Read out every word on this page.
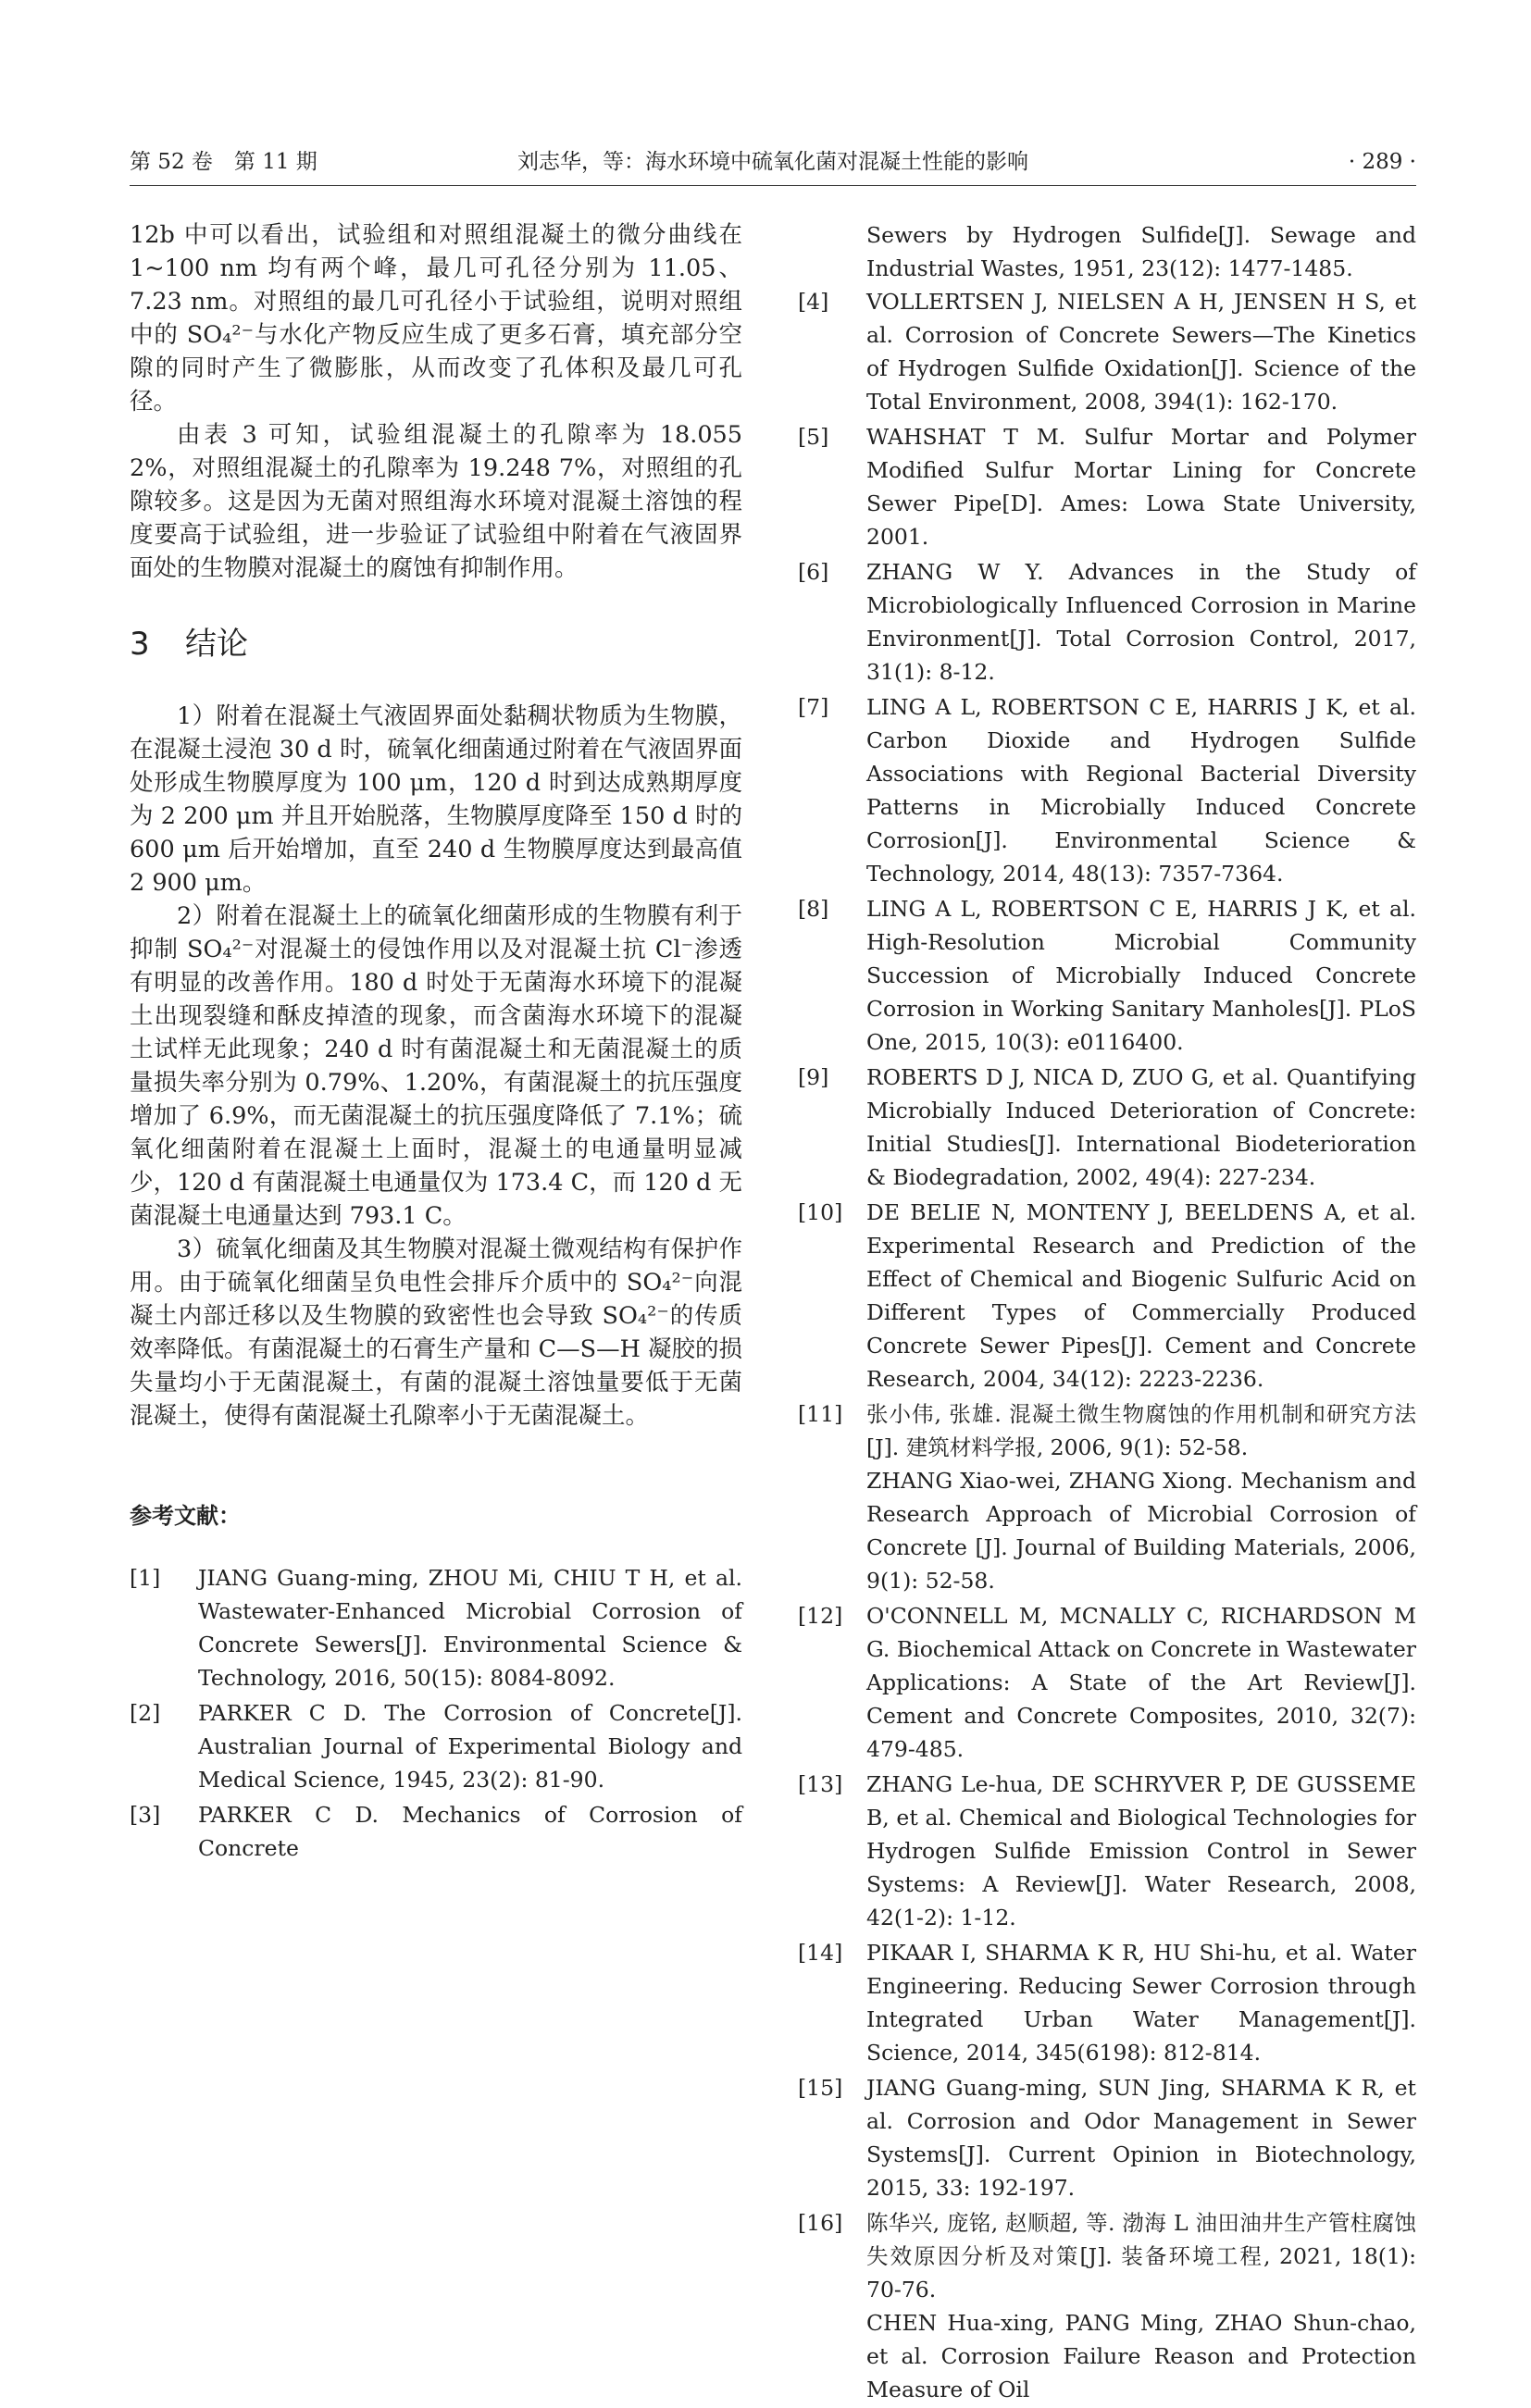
第 52 卷　第 11 期	刘志华，等：海水环境中硫氧化菌对混凝土性能的影响	· 289 ·

12b 中可以看出，试验组和对照组混凝土的微分曲线在 1~100 nm 均有两个峰，最几可孔径分别为 11.05、7.23 nm。对照组的最几可孔径小于试验组，说明对照组中的 SO₄²⁻与水化产物反应生成了更多石膏，填充部分空隙的同时产生了微膨胀，从而改变了孔体积及最几可孔径。

由表 3 可知，试验组混凝土的孔隙率为 18.055 2%，对照组混凝土的孔隙率为 19.248 7%，对照组的孔隙较多。这是因为无菌对照组海水环境对混凝土溶蚀的程度要高于试验组，进一步验证了试验组中附着在气液固界面处的生物膜对混凝土的腐蚀有抑制作用。

3 结论

1）附着在混凝土气液固界面处黏稠状物质为生物膜，在混凝土浸泡 30 d 时，硫氧化细菌通过附着在气液固界面处形成生物膜厚度为 100 μm，120 d 时到达成熟期厚度为 2 200 μm 并且开始脱落，生物膜厚度降至 150 d 时的 600 μm 后开始增加，直至 240 d 生物膜厚度达到最高值 2 900 μm。

2）附着在混凝土上的硫氧化细菌形成的生物膜有利于抑制 SO₄²⁻对混凝土的侵蚀作用以及对混凝土抗 Cl⁻渗透有明显的改善作用。180 d 时处于无菌海水环境下的混凝土出现裂缝和酥皮掉渣的现象，而含菌海水环境下的混凝土试样无此现象；240 d 时有菌混凝土和无菌混凝土的质量损失率分别为 0.79%、1.20%，有菌混凝土的抗压强度增加了 6.9%，而无菌混凝土的抗压强度降低了 7.1%；硫氧化细菌附着在混凝土上面时，混凝土的电通量明显减少，120 d 有菌混凝土电通量仅为 173.4 C，而 120 d 无菌混凝土电通量达到 793.1 C。

3）硫氧化细菌及其生物膜对混凝土微观结构有保护作用。由于硫氧化细菌呈负电性会排斥介质中的 SO₄²⁻向混凝土内部迁移以及生物膜的致密性也会导致 SO₄²⁻的传质效率降低。有菌混凝土的石膏生产量和 C—S—H 凝胶的损失量均小于无菌混凝土，有菌的混凝土溶蚀量要低于无菌混凝土，使得有菌混凝土孔隙率小于无菌混凝土。

参考文献：
[1]	JIANG Guang-ming, ZHOU Mi, CHIU T H, et al. Wastewater-Enhanced Microbial Corrosion of Concrete Sewers[J]. Environmental Science & Technology, 2016, 50(15): 8084-8092.
[2]	PARKER C D. The Corrosion of Concrete[J]. Australian Journal of Experimental Biology and Medical Science, 1945, 23(2): 81-90.
[3]	PARKER C D. Mechanics of Corrosion of Concrete
Sewers by Hydrogen Sulfide[J]. Sewage and Industrial Wastes, 1951, 23(12): 1477-1485.
[4]	VOLLERTSEN J, NIELSEN A H, JENSEN H S, et al. Corrosion of Concrete Sewers—The Kinetics of Hydrogen Sulfide Oxidation[J]. Science of the Total Environment, 2008, 394(1): 162-170.
[5]	WAHSHAT T M. Sulfur Mortar and Polymer Modified Sulfur Mortar Lining for Concrete Sewer Pipe[D]. Ames: Lowa State University, 2001.
[6]	ZHANG W Y. Advances in the Study of Microbiologically Influenced Corrosion in Marine Environment[J]. Total Corrosion Control, 2017, 31(1): 8-12.
[7]	LING A L, ROBERTSON C E, HARRIS J K, et al. Carbon Dioxide and Hydrogen Sulfide Associations with Regional Bacterial Diversity Patterns in Microbially Induced Concrete Corrosion[J]. Environmental Science & Technology, 2014, 48(13): 7357-7364.
[8]	LING A L, ROBERTSON C E, HARRIS J K, et al. High-Resolution Microbial Community Succession of Microbially Induced Concrete Corrosion in Working Sanitary Manholes[J]. PLoS One, 2015, 10(3): e0116400.
[9]	ROBERTS D J, NICA D, ZUO G, et al. Quantifying Microbially Induced Deterioration of Concrete: Initial Studies[J]. International Biodeterioration & Biodegradation, 2002, 49(4): 227-234.
[10]	DE BELIE N, MONTENY J, BEELDENS A, et al. Experimental Research and Prediction of the Effect of Chemical and Biogenic Sulfuric Acid on Different Types of Commercially Produced Concrete Sewer Pipes[J]. Cement and Concrete Research, 2004, 34(12): 2223-2236.
[11]	张小伟, 张雄. 混凝土微生物腐蚀的作用机制和研究方法[J]. 建筑材料学报, 2006, 9(1): 52-58.
ZHANG Xiao-wei, ZHANG Xiong. Mechanism and Research Approach of Microbial Corrosion of Concrete [J]. Journal of Building Materials, 2006, 9(1): 52-58.
[12]	O'CONNELL M, MCNALLY C, RICHARDSON M G. Biochemical Attack on Concrete in Wastewater Applications: A State of the Art Review[J]. Cement and Concrete Composites, 2010, 32(7): 479-485.
[13]	ZHANG Le-hua, DE SCHRYVER P, DE GUSSEME B, et al. Chemical and Biological Technologies for Hydrogen Sulfide Emission Control in Sewer Systems: A Review[J]. Water Research, 2008, 42(1-2): 1-12.
[14]	PIKAAR I, SHARMA K R, HU Shi-hu, et al. Water Engineering. Reducing Sewer Corrosion through Integrated Urban Water Management[J]. Science, 2014, 345(6198): 812-814.
[15]	JIANG Guang-ming, SUN Jing, SHARMA K R, et al. Corrosion and Odor Management in Sewer Systems[J]. Current Opinion in Biotechnology, 2015, 33: 192-197.
[16]	陈华兴, 庞铭, 赵顺超, 等. 渤海 L 油田油井生产管柱腐蚀失效原因分析及对策[J]. 装备环境工程, 2021, 18(1): 70-76.
CHEN Hua-xing, PANG Ming, ZHAO Shun-chao, et al. Corrosion Failure Reason and Protection Measure of Oil
